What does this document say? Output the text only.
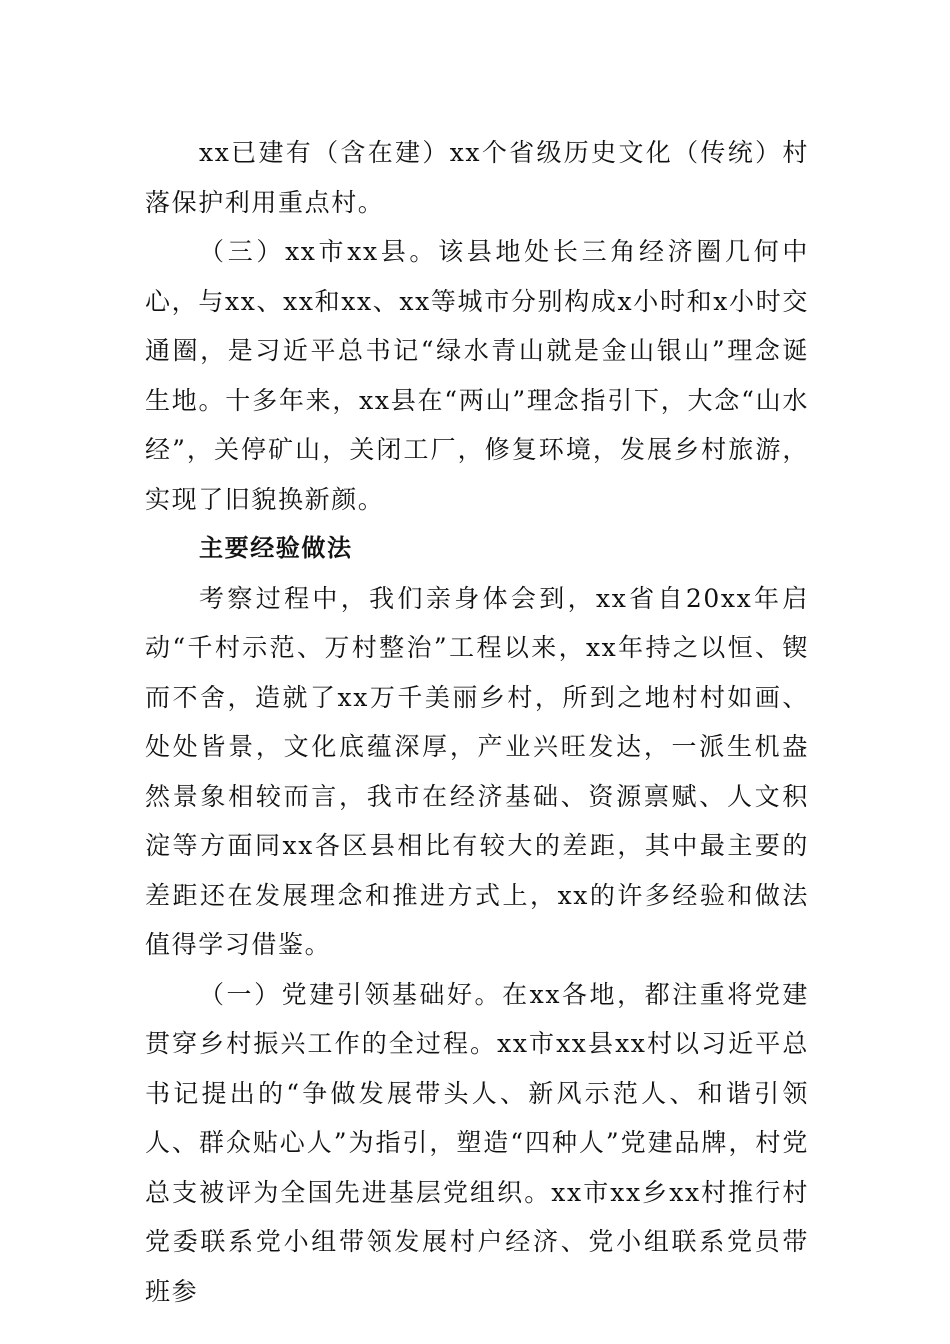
xx已建有（含在建）xx个省级历史文化（传统）村落保护利用重点村。

（三）xx市xx县。该县地处长三角经济圈几何中心，与xx、xx和xx、xx等城市分别构成x小时和x小时交通圈，是习近平总书记“绿水青山就是金山银山”理念诞生地。十多年来，xx县在“两山”理念指引下，大念“山水经”，关停矿山，关闭工厂，修复环境，发展乡村旅游，实现了旧貌换新颜。

主要经验做法

考察过程中，我们亲身体会到，xx省自20xx年启动“千村示范、万村整治”工程以来，xx年持之以恒、锲而不舍，造就了xx万千美丽乡村，所到之地村村如画、处处皆景，文化底蕴深厚，产业兴旺发达，一派生机盎然景象相较而言，我市在经济基础、资源禀赋、人文积淀等方面同xx各区县相比有较大的差距，其中最主要的差距还在发展理念和推进方式上，xx的许多经验和做法值得学习借鉴。

（一）党建引领基础好。在xx各地，都注重将党建贯穿乡村振兴工作的全过程。xx市xx县xx村以习近平总书记提出的“争做发展带头人、新风示范人、和谐引领人、群众贴心人”为指引，塑造“四种人”党建品牌，村党总支被评为全国先进基层党组织。xx市xx乡xx村推行村党委联系党小组带领发展村户经济、党小组联系党员带班参
